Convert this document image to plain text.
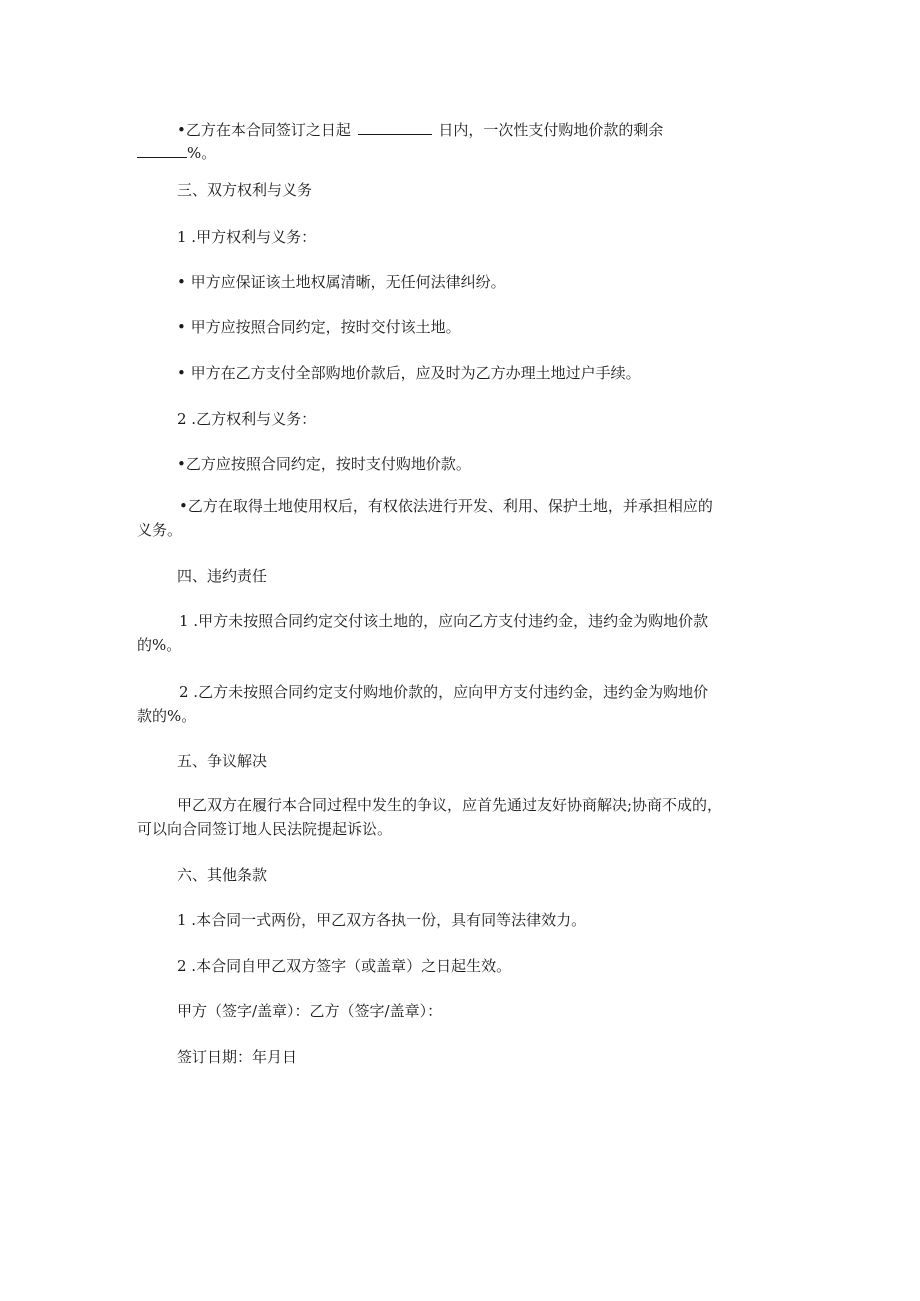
•乙方在本合同签订之日起	日内，一次性支付购地价款的剩余
%。
三、双方权利与义务
1 .甲方权利与义务：
• 甲方应保证该土地权属清晰，无任何法律纠纷。
• 甲方应按照合同约定，按时交付该土地。
• 甲方在乙方支付全部购地价款后，应及时为乙方办理土地过户手续。
2 .乙方权利与义务：
•乙方应按照合同约定，按时支付购地价款。
•乙方在取得土地使用权后，有权依法进行开发、利用、保护土地，并承担相应的
义务。
四、违约责任
1 .甲方未按照合同约定交付该土地的，应向乙方支付违约金，违约金为购地价款
的%。
2 .乙方未按照合同约定支付购地价款的，应向甲方支付违约金，违约金为购地价
款的%。
五、争议解决
甲乙双方在履行本合同过程中发生的争议，应首先通过友好协商解决;协商不成的，
可以向合同签订地人民法院提起诉讼。
六、其他条款
1 .本合同一式两份，甲乙双方各执一份，具有同等法律效力。
2 .本合同自甲乙双方签字（或盖章）之日起生效。
甲方（签字/盖章）：乙方（签字/盖章）：
签订日期：年月日
